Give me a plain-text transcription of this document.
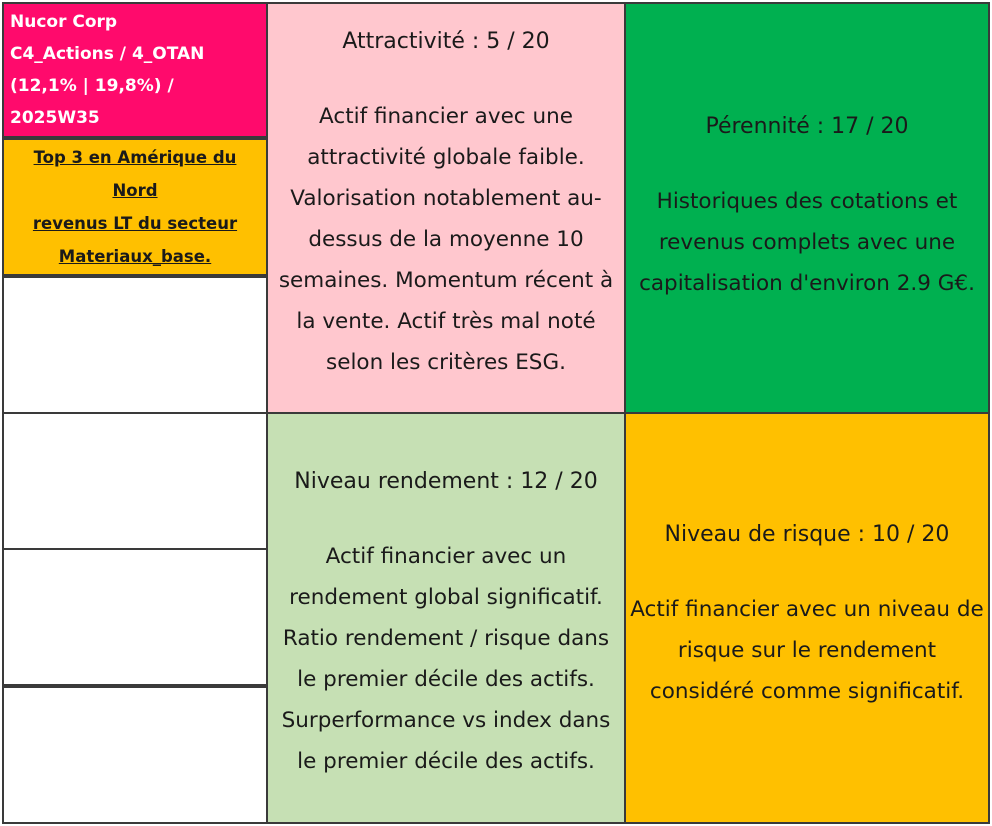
Nucor Corp
C4_Actions / 4_OTAN
(12,1% | 19,8%) / 2025W35
Top 3 en Amérique du Nord
revenus LT du secteur
Materiaux_base.
Attractivité : 5 / 20
Actif financier avec une
attractivité globale faible.
Valorisation notablement au-
dessus de la moyenne 10
semaines. Momentum récent à
la vente. Actif très mal noté
selon les critères ESG.
Pérennité : 17 / 20
Historiques des cotations et
revenus complets avec une
capitalisation d'environ 2.9 G€.
Niveau rendement : 12 / 20
Actif financier avec un
rendement global significatif.
Ratio rendement / risque dans
le premier décile des actifs.
Surperformance vs index dans
le premier décile des actifs.
Niveau de risque : 10 / 20
Actif financier avec un niveau de
risque sur le rendement
considéré comme significatif.
